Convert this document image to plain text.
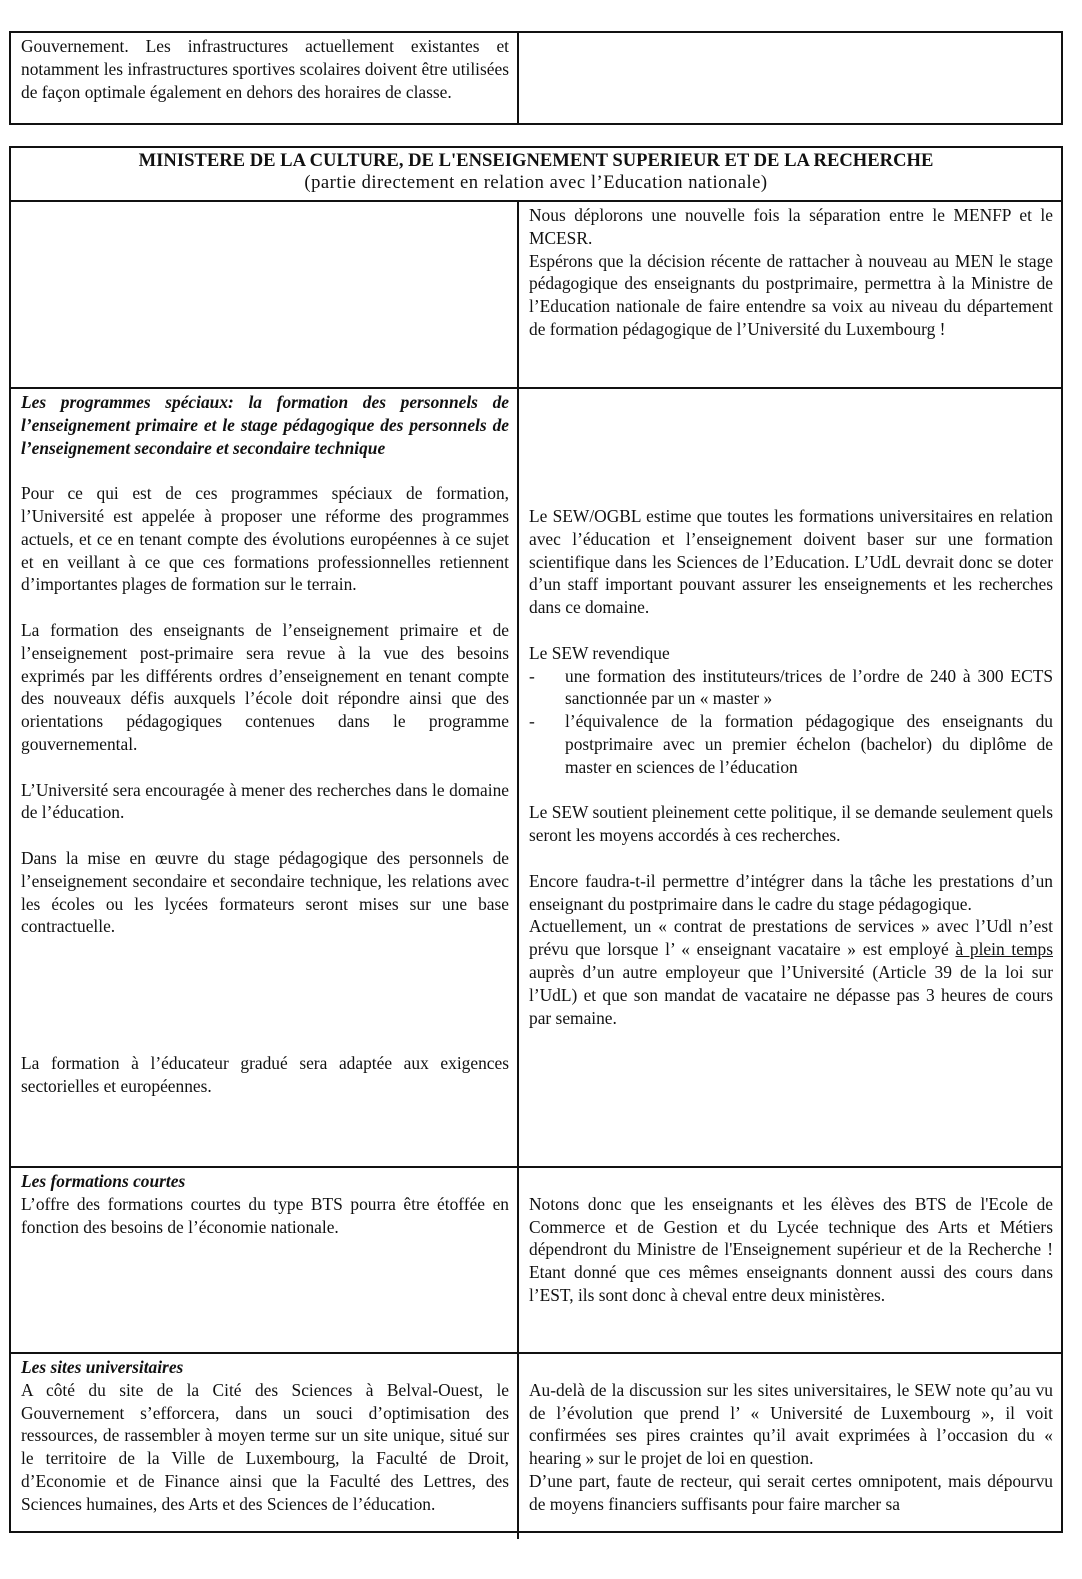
Gouvernement. Les infrastructures actuellement existantes et notamment les infrastructures sportives scolaires doivent être utilisées de façon optimale également en dehors des horaires de classe.

MINISTERE DE LA CULTURE, DE L'ENSEIGNEMENT SUPERIEUR ET DE LA RECHERCHE
(partie directement en relation avec l’Education nationale)

Nous déplorons une nouvelle fois la séparation entre le MENFP et le MCESR.

Espérons que la décision récente de rattacher à nouveau au MEN le stage pédagogique des enseignants du postprimaire, permettra à la Ministre de l’Education nationale de faire entendre sa voix au niveau du département de formation pédagogique de l’Université du Luxembourg !

Les programmes spéciaux: la formation des personnels de l’enseignement primaire et le stage pédagogique des personnels de l’enseignement secondaire et secondaire technique

Pour ce qui est de ces programmes spéciaux de formation, l’Université est appelée à proposer une réforme des programmes actuels, et ce en tenant compte des évolutions européennes à ce sujet et en veillant à ce que ces formations professionnelles retiennent d’importantes plages de formation sur le terrain.

La formation des enseignants de l’enseignement primaire et de l’enseignement post-primaire sera revue à la vue des besoins exprimés par les différents ordres d’enseignement en tenant compte des nouveaux défis auxquels l’école doit répondre ainsi que des orientations pédagogiques contenues dans le programme gouvernemental.

L’Université sera encouragée à mener des recherches dans le domaine de l’éducation.

Dans la mise en œuvre du stage pédagogique des personnels de l’enseignement secondaire et secondaire technique, les relations avec les écoles ou les lycées formateurs seront mises sur une base contractuelle.

La formation à l’éducateur gradué sera adaptée aux exigences sectorielles et européennes.

Le SEW/OGBL estime que toutes les formations universitaires en relation avec l’éducation et l’enseignement doivent baser sur une formation scientifique dans les Sciences de l’Education. L’UdL devrait donc se doter d’un staff important pouvant assurer les enseignements et les recherches dans ce domaine.

Le SEW revendique

-	une formation des instituteurs/trices de l’ordre de 240 à 300 ECTS sanctionnée par un « master »
-	l’équivalence de la formation pédagogique des enseignants du postprimaire avec un premier échelon (bachelor) du diplôme de master en sciences de l’éducation

Le SEW soutient pleinement cette politique, il se demande seulement quels seront les moyens accordés à ces recherches.

Encore faudra-t-il permettre d’intégrer dans la tâche les prestations d’un enseignant du postprimaire dans le cadre du stage pédagogique.

Actuellement, un « contrat de prestations de services » avec l’Udl n’est prévu que lorsque l’ « enseignant vacataire » est employé à plein temps auprès d’un autre employeur que l’Université (Article 39 de la loi sur l’UdL) et que son mandat de vacataire ne dépasse pas 3 heures de cours par semaine.

Les formations courtes

L’offre des formations courtes du type BTS pourra être étoffée en fonction des besoins de l’économie nationale.

Notons donc que les enseignants et les élèves des BTS de l'Ecole de Commerce et de Gestion et du Lycée technique des Arts et Métiers dépendront du Ministre de l'Enseignement supérieur et de la Recherche ! Etant donné que ces mêmes enseignants donnent aussi des cours dans l’EST, ils sont donc à cheval entre deux ministères.

Les sites universitaires

A côté du site de la Cité des Sciences à Belval-Ouest, le Gouvernement s’efforcera, dans un souci d’optimisation des ressources, de rassembler à moyen terme sur un site unique, situé sur le territoire de la Ville de Luxembourg, la Faculté de Droit, d’Economie et de Finance ainsi que la Faculté des Lettres, des Sciences humaines, des Arts et des Sciences de l’éducation.

Au-delà de la discussion sur les sites universitaires, le SEW note qu’au vu de l’évolution que prend l’ « Université de Luxembourg », il voit confirmées ses pires craintes qu’il avait exprimées à l’occasion du « hearing » sur le projet de loi en question.

D’une part, faute de recteur, qui serait certes omnipotent, mais dépourvu de moyens financiers suffisants pour faire marcher sa
